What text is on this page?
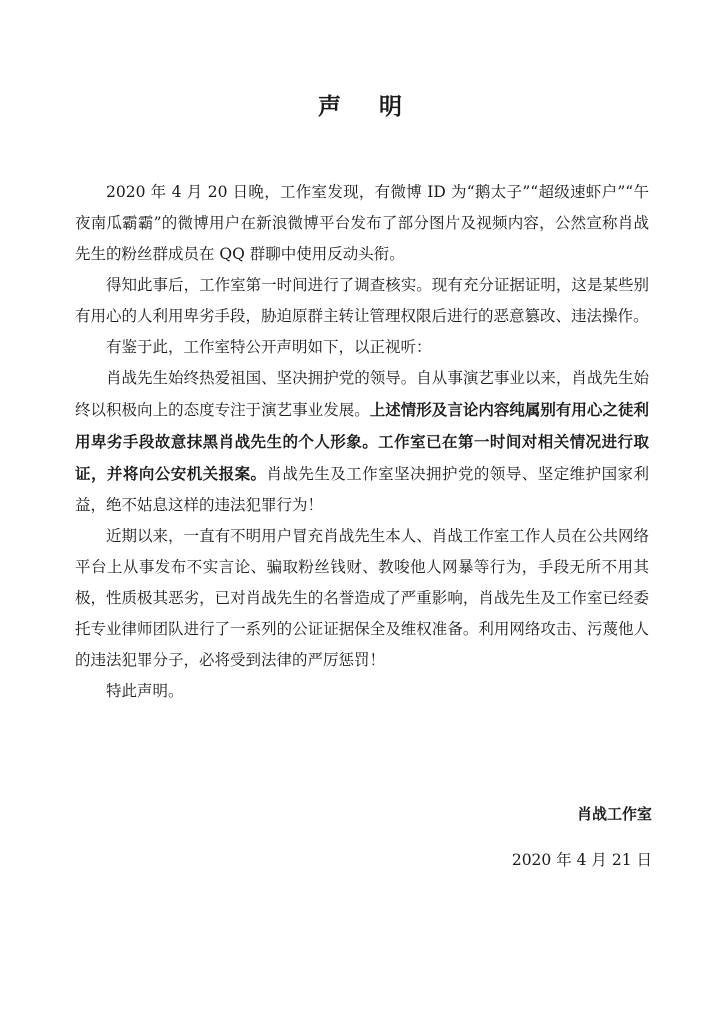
声 明

2020 年 4 月 20 日晚，工作室发现，有微博 ID 为“鹅太子”“超级速虾户”“午夜南瓜霸霸”的微博用户在新浪微博平台发布了部分图片及视频内容，公然宣称肖战先生的粉丝群成员在 QQ 群聊中使用反动头衔。

得知此事后，工作室第一时间进行了调查核实。现有充分证据证明，这是某些别有用心的人利用卑劣手段，胁迫原群主转让管理权限后进行的恶意篡改、违法操作。

有鉴于此，工作室特公开声明如下，以正视听：

肖战先生始终热爱祖国、坚决拥护党的领导。自从事演艺事业以来，肖战先生始终以积极向上的态度专注于演艺事业发展。上述情形及言论内容纯属别有用心之徒利用卑劣手段故意抹黑肖战先生的个人形象。工作室已在第一时间对相关情况进行取证，并将向公安机关报案。肖战先生及工作室坚决拥护党的领导、坚定维护国家利益，绝不姑息这样的违法犯罪行为！

近期以来，一直有不明用户冒充肖战先生本人、肖战工作室工作人员在公共网络平台上从事发布不实言论、骗取粉丝钱财、教唆他人网暴等行为，手段无所不用其极，性质极其恶劣，已对肖战先生的名誉造成了严重影响，肖战先生及工作室已经委托专业律师团队进行了一系列的公证证据保全及维权准备。利用网络攻击、污蔑他人的违法犯罪分子，必将受到法律的严厉惩罚！

特此声明。

肖战工作室
2020 年 4 月 21 日
